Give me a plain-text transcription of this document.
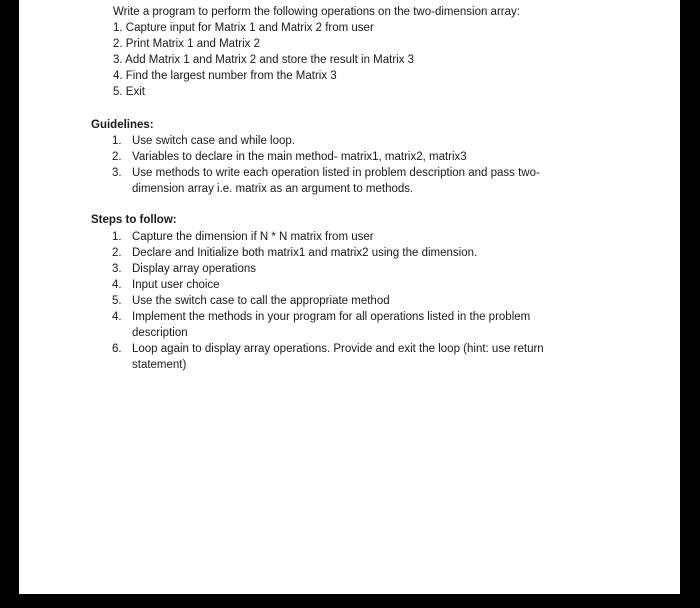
Write a program to perform the following operations on the two-dimension array:
1. Capture input for Matrix 1 and Matrix 2 from user
2. Print Matrix 1 and Matrix 2
3. Add Matrix 1 and Matrix 2 and store the result in Matrix 3
4. Find the largest number from the Matrix 3
5. Exit
Guidelines:
1. Use switch case and while loop.
2. Variables to declare in the main method- matrix1, matrix2, matrix3
3. Use methods to write each operation listed in problem description and pass two-dimension array i.e. matrix as an argument to methods.
Steps to follow:
1. Capture the dimension if N * N matrix from user
2. Declare and Initialize both matrix1 and matrix2 using the dimension.
3. Display array operations
4. Input user choice
5. Use the switch case to call the appropriate method
4. Implement the methods in your program for all operations listed in the problem description
6. Loop again to display array operations. Provide and exit the loop (hint: use return statement)
